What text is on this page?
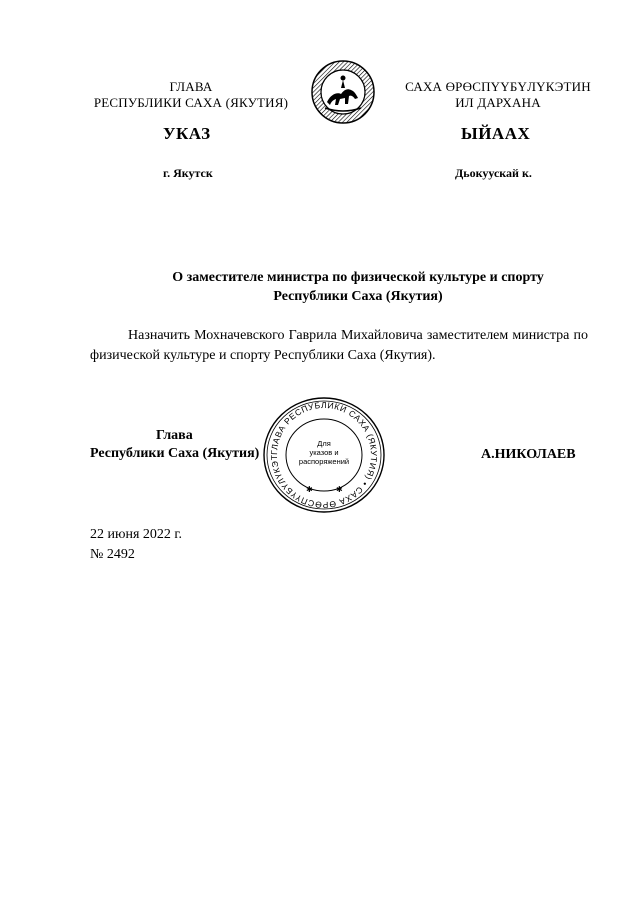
ГЛАВА
РЕСПУБЛИКИ САХА (ЯКУТИЯ)
САХА ӨРӨСПҮҮБҮЛҮКЭТИН
ИЛ ДАРХАНА
УКАЗ	ЫЙААХ
г. Якутск	Дьокуускай к.
О заместителе министра по физической культуре и спорту
Республики Саха (Якутия)

Назначить Мохначевского Гаврила Михайловича заместителем министра по физической культуре и спорту Республики Саха (Якутия).

Глава
Республики Саха (Якутия)	ГЛАВА РЕСПУБЛИКИ САХА (ЯКУТИЯ) • САХА ӨРӨСПҮҮБҮЛҮКЭТ
Для
указов и
распоряжений
✱	✱
А.НИКОЛАЕВ
22 июня 2022 г.
№ 2492
